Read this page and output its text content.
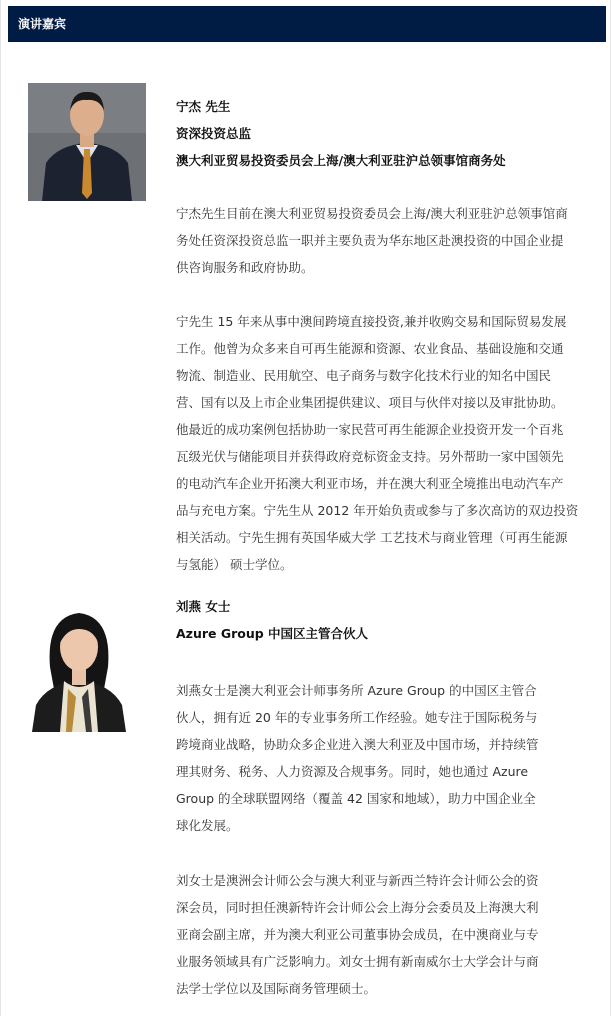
演讲嘉宾
宁杰 先生
资深投资总监
澳大利亚贸易投资委员会上海/澳大利亚驻沪总领事馆商务处

宁杰先生目前在澳大利亚贸易投资委员会上海/澳大利亚驻沪总领事馆商

务处任资深投资总监一职并主要负责为华东地区赴澳投资的中国企业提

供咨询服务和政府协助。

宁先生 15 年来从事中澳间跨境直接投资,兼并收购交易和国际贸易发展

工作。他曾为众多来自可再生能源和资源、农业食品、基础设施和交通

物流、制造业、民用航空、电子商务与数字化技术行业的知名中国民

营、国有以及上市企业集团提供建议、项目与伙伴对接以及审批协助。

他最近的成功案例包括协助一家民营可再生能源企业投资开发一个百兆

瓦级光伏与储能项目并获得政府竞标资金支持。另外帮助一家中国领先

的电动汽车企业开拓澳大利亚市场，并在澳大利亚全境推出电动汽车产

品与充电方案。宁先生从 2012 年开始负责或参与了多次高访的双边投资

相关活动。宁先生拥有英国华威大学 工艺技术与商业管理（可再生能源

与氢能） 硕士学位。

刘燕 女士
Azure Group 中国区主管合伙人

刘燕女士是澳大利亚会计师事务所 Azure Group 的中国区主管合

伙人，拥有近 20 年的专业事务所工作经验。她专注于国际税务与

跨境商业战略，协助众多企业进入澳大利亚及中国市场，并持续管

理其财务、税务、人力资源及合规事务。同时，她也通过 Azure

Group 的全球联盟网络（覆盖 42 国家和地域），助力中国企业全

球化发展。

刘女士是澳洲会计师公会与澳大利亚与新西兰特许会计师公会的资

深会员，同时担任澳新特许会计师公会上海分会委员及上海澳大利

亚商会副主席，并为澳大利亚公司董事协会成员，在中澳商业与专

业服务领域具有广泛影响力。刘女士拥有新南威尔士大学会计与商

法学士学位以及国际商务管理硕士。
